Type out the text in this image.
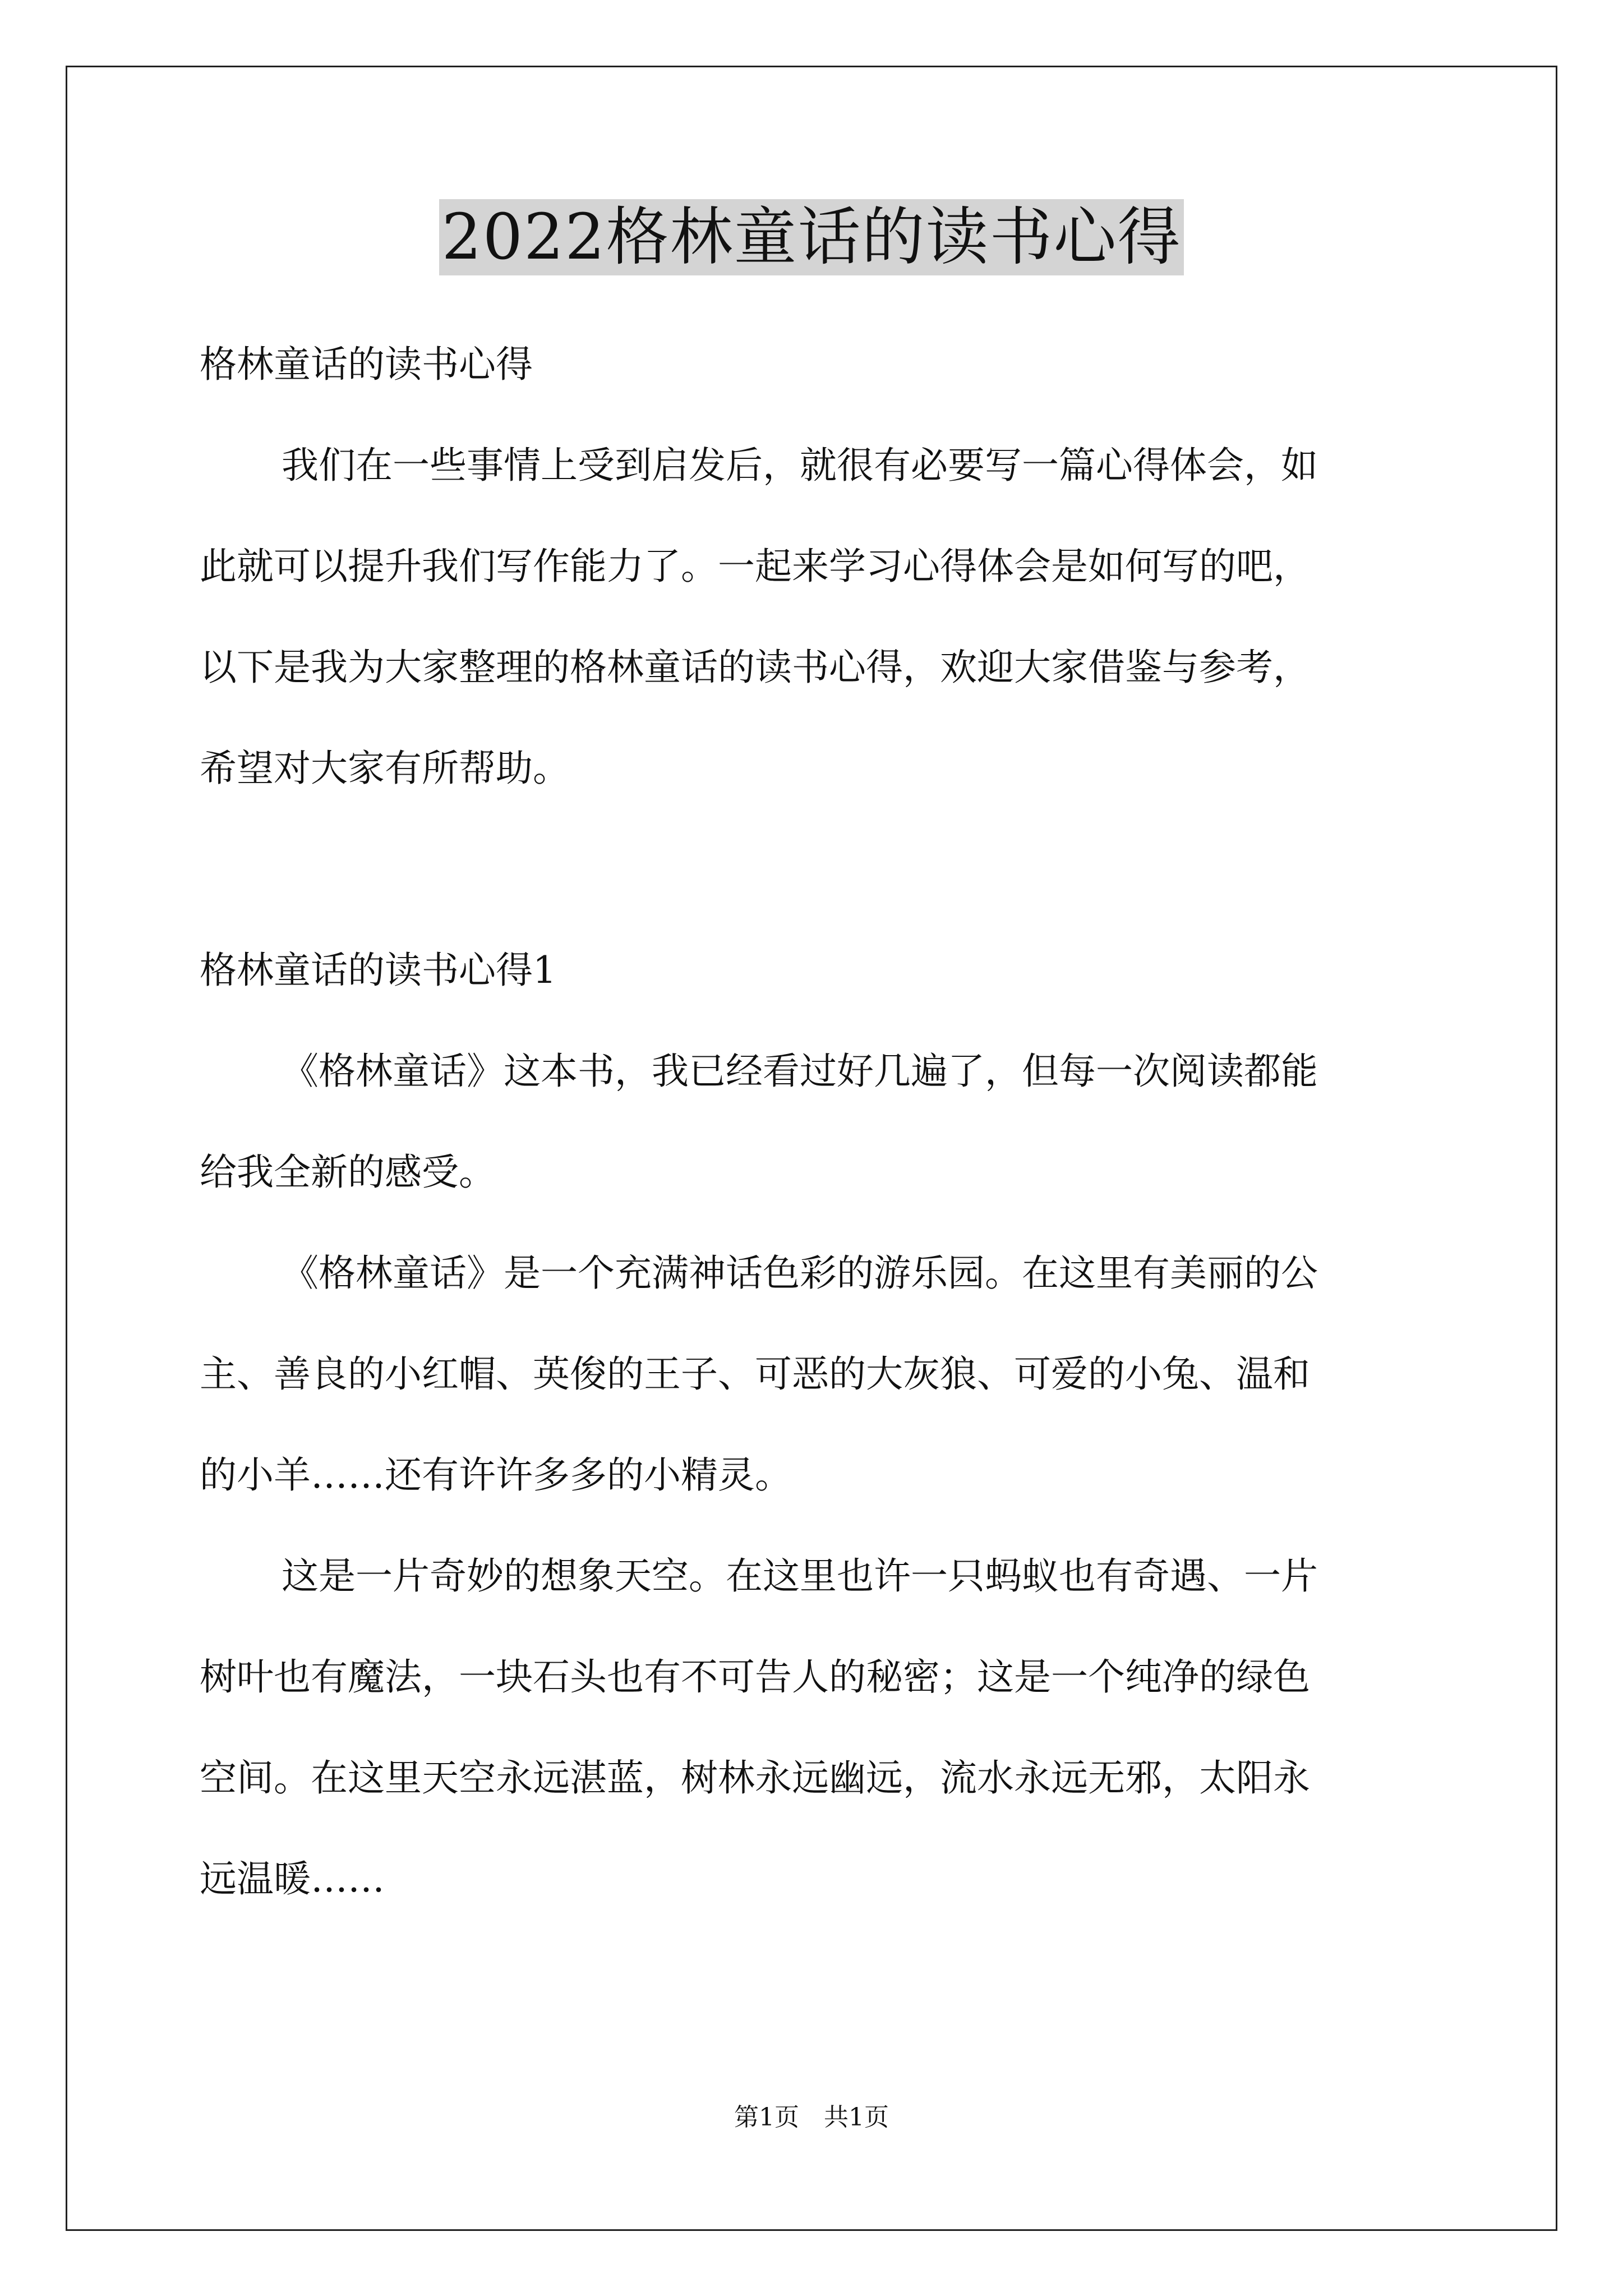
2022格林童话的读书心得
格林童话的读书心得
我们在一些事情上受到启发后，就很有必要写一篇心得体会，如
此就可以提升我们写作能力了。一起来学习心得体会是如何写的吧，
以下是我为大家整理的格林童话的读书心得，欢迎大家借鉴与参考，
希望对大家有所帮助。
格林童话的读书心得1
《格林童话》这本书，我已经看过好几遍了，但每一次阅读都能
给我全新的感受。
《格林童话》是一个充满神话色彩的游乐园。在这里有美丽的公
主、善良的小红帽、英俊的王子、可恶的大灰狼、可爱的小兔、温和
的小羊……还有许许多多的小精灵。
这是一片奇妙的想象天空。在这里也许一只蚂蚁也有奇遇、一片
树叶也有魔法，一块石头也有不可告人的秘密；这是一个纯净的绿色
空间。在这里天空永远湛蓝，树林永远幽远，流水永远无邪，太阳永
远温暖……
第1页　共1页
